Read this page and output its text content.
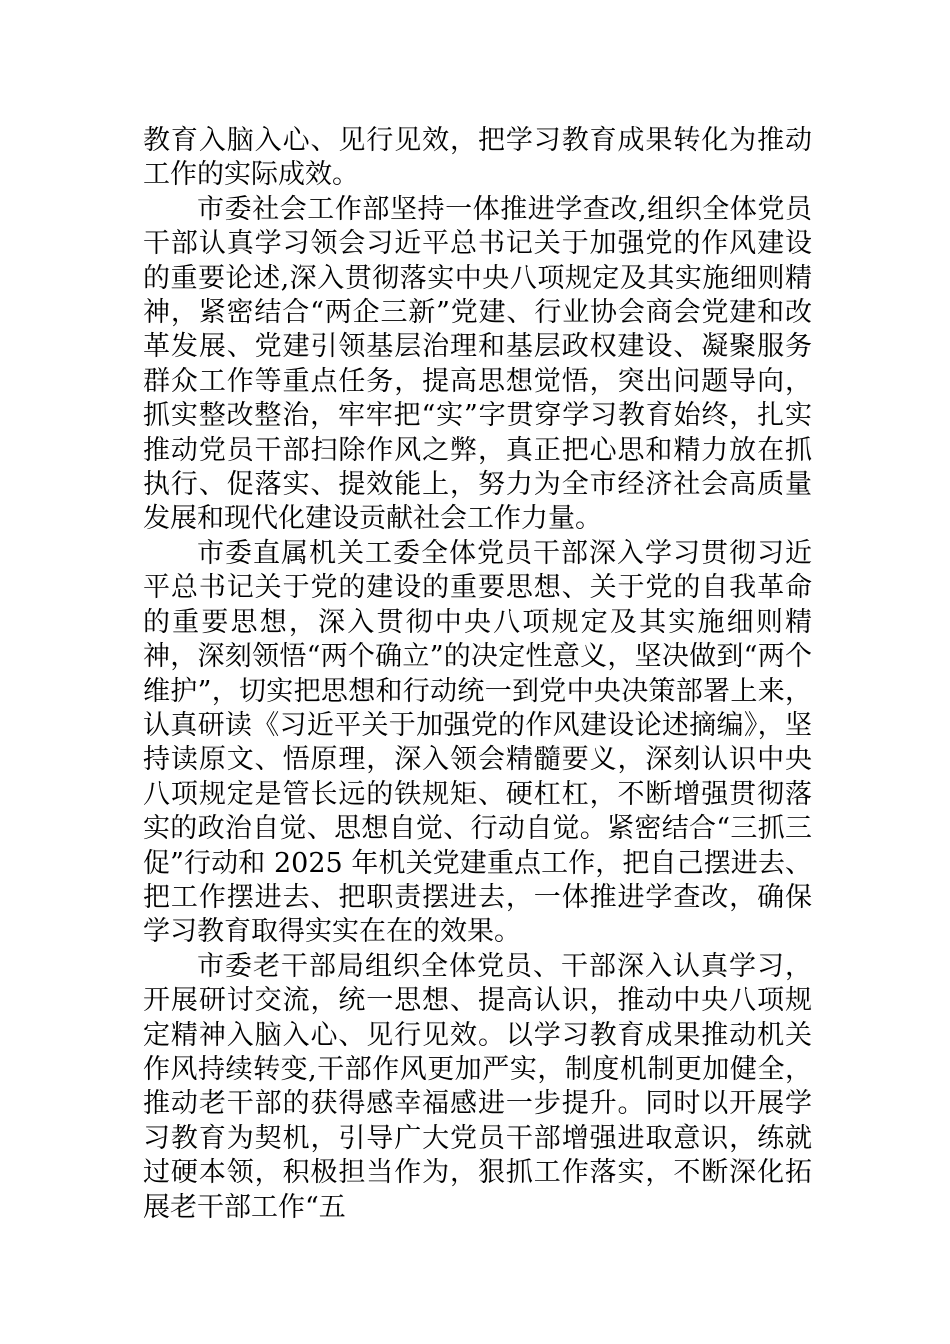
教育入脑入心、见行见效，把学习教育成果转化为推动工作的实际成效。

市委社会工作部坚持一体推进学查改,组织全体党员干部认真学习领会习近平总书记关于加强党的作风建设的重要论述,深入贯彻落实中央八项规定及其实施细则精神，紧密结合“两企三新”党建、行业协会商会党建和改革发展、党建引领基层治理和基层政权建设、凝聚服务群众工作等重点任务，提高思想觉悟，突出问题导向，抓实整改整治，牢牢把“实”字贯穿学习教育始终，扎实推动党员干部扫除作风之弊，真正把心思和精力放在抓执行、促落实、提效能上，努力为全市经济社会高质量发展和现代化建设贡献社会工作力量。

市委直属机关工委全体党员干部深入学习贯彻习近平总书记关于党的建设的重要思想、关于党的自我革命的重要思想，深入贯彻中央八项规定及其实施细则精神，深刻领悟“两个确立”的决定性意义，坚决做到“两个维护”，切实把思想和行动统一到党中央决策部署上来，认真研读《习近平关于加强党的作风建设论述摘编》，坚持读原文、悟原理，深入领会精髓要义，深刻认识中央八项规定是管长远的铁规矩、硬杠杠，不断增强贯彻落实的政治自觉、思想自觉、行动自觉。紧密结合“三抓三促”行动和 2025 年机关党建重点工作，把自己摆进去、把工作摆进去、把职责摆进去，一体推进学查改，确保学习教育取得实实在在的效果。

市委老干部局组织全体党员、干部深入认真学习，开展研讨交流，统一思想、提高认识，推动中央八项规定精神入脑入心、见行见效。以学习教育成果推动机关作风持续转变,干部作风更加严实，制度机制更加健全，推动老干部的获得感幸福感进一步提升。同时以开展学习教育为契机，引导广大党员干部增强进取意识，练就过硬本领，积极担当作为，狠抓工作落实，不断深化拓展老干部工作“五
